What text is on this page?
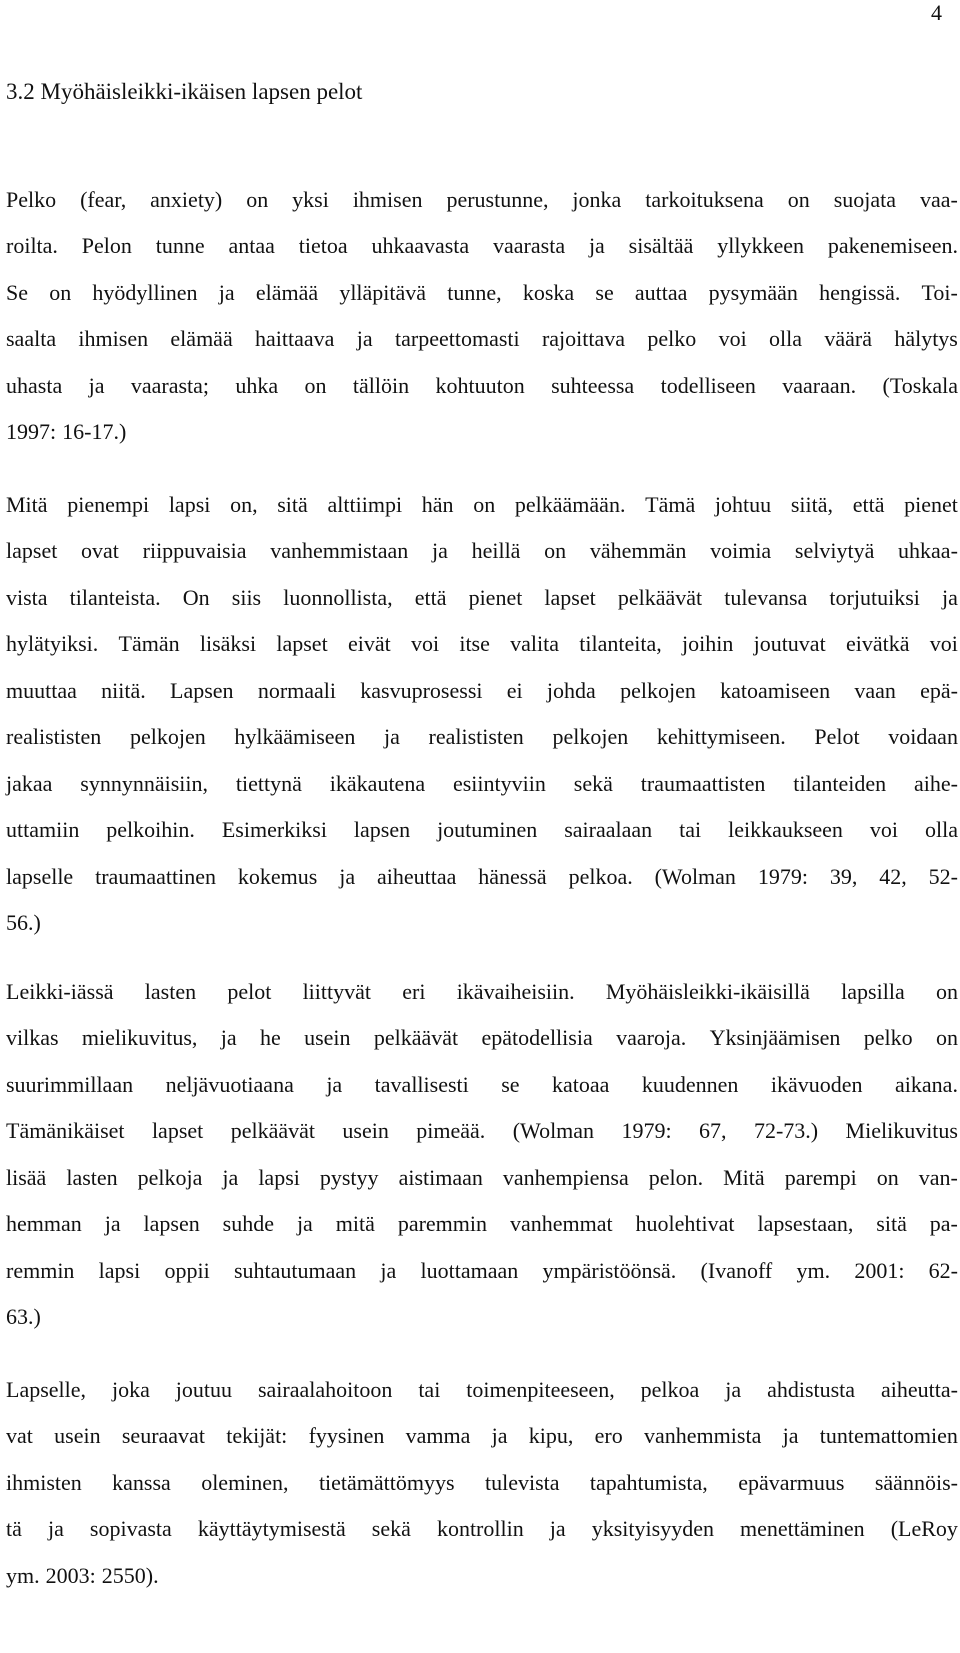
4
3.2 Myöhäisleikki-ikäisen lapsen pelot
Pelko (fear, anxiety) on yksi ihmisen perustunne, jonka tarkoituksena on suojata vaa-
roilta. Pelon tunne antaa tietoa uhkaavasta vaarasta ja sisältää yllykkeen pakenemiseen.
Se on hyödyllinen ja elämää ylläpitävä tunne, koska se auttaa pysymään hengissä. Toi-
saalta ihmisen elämää haittaava ja tarpeettomasti rajoittava pelko voi olla väärä hälytys
uhasta ja vaarasta; uhka on tällöin kohtuuton suhteessa todelliseen vaaraan. (Toskala
1997: 16-17.)
Mitä pienempi lapsi on, sitä alttiimpi hän on pelkäämään. Tämä johtuu siitä, että pienet
lapset ovat riippuvaisia vanhemmistaan ja heillä on vähemmän voimia selviytyä uhkaa-
vista tilanteista. On siis luonnollista, että pienet lapset pelkäävät tulevansa torjutuiksi ja
hylätyiksi. Tämän lisäksi lapset eivät voi itse valita tilanteita, joihin joutuvat eivätkä voi
muuttaa niitä. Lapsen normaali kasvuprosessi ei johda pelkojen katoamiseen vaan epä-
realististen pelkojen hylkäämiseen ja realististen pelkojen kehittymiseen. Pelot voidaan
jakaa synnynnäisiin, tiettynä ikäkautena esiintyviin sekä traumaattisten tilanteiden aihe-
uttamiin pelkoihin. Esimerkiksi lapsen joutuminen sairaalaan tai leikkaukseen voi olla
lapselle traumaattinen kokemus ja aiheuttaa hänessä pelkoa. (Wolman 1979: 39, 42, 52-
56.)
Leikki-iässä lasten pelot liittyvät eri ikävaiheisiin. Myöhäisleikki-ikäisillä lapsilla on
vilkas mielikuvitus, ja he usein pelkäävät epätodellisia vaaroja. Yksinjäämisen pelko on
suurimmillaan neljävuotiaana ja tavallisesti se katoaa kuudennen ikävuoden aikana.
Tämänikäiset lapset pelkäävät usein pimeää. (Wolman 1979: 67, 72-73.) Mielikuvitus
lisää lasten pelkoja ja lapsi pystyy aistimaan vanhempiensa pelon. Mitä parempi on van-
hemman ja lapsen suhde ja mitä paremmin vanhemmat huolehtivat lapsestaan, sitä pa-
remmin lapsi oppii suhtautumaan ja luottamaan ympäristöönsä. (Ivanoff ym. 2001: 62-
63.)
Lapselle, joka joutuu sairaalahoitoon tai toimenpiteeseen, pelkoa ja ahdistusta aiheutta-
vat usein seuraavat tekijät: fyysinen vamma ja kipu, ero vanhemmista ja tuntemattomien
ihmisten kanssa oleminen, tietämättömyys tulevista tapahtumista, epävarmuus säännöis-
tä ja sopivasta käyttäytymisestä sekä kontrollin ja yksityisyyden menettäminen (LeRoy
ym. 2003: 2550).
